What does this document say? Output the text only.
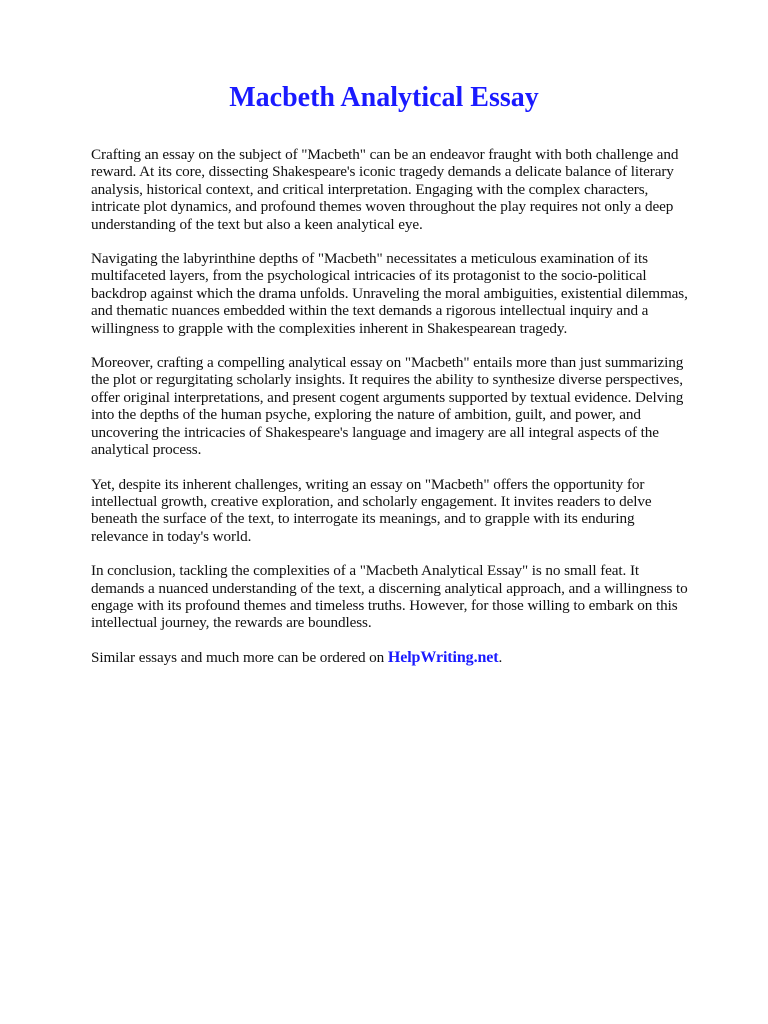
Macbeth Analytical Essay

Crafting an essay on the subject of "Macbeth" can be an endeavor fraught with both challenge and reward. At its core, dissecting Shakespeare's iconic tragedy demands a delicate balance of literary analysis, historical context, and critical interpretation. Engaging with the complex characters, intricate plot dynamics, and profound themes woven throughout the play requires not only a deep understanding of the text but also a keen analytical eye.

Navigating the labyrinthine depths of "Macbeth" necessitates a meticulous examination of its multifaceted layers, from the psychological intricacies of its protagonist to the socio-political backdrop against which the drama unfolds. Unraveling the moral ambiguities, existential dilemmas, and thematic nuances embedded within the text demands a rigorous intellectual inquiry and a willingness to grapple with the complexities inherent in Shakespearean tragedy.

Moreover, crafting a compelling analytical essay on "Macbeth" entails more than just summarizing the plot or regurgitating scholarly insights. It requires the ability to synthesize diverse perspectives, offer original interpretations, and present cogent arguments supported by textual evidence. Delving into the depths of the human psyche, exploring the nature of ambition, guilt, and power, and uncovering the intricacies of Shakespeare's language and imagery are all integral aspects of the analytical process.

Yet, despite its inherent challenges, writing an essay on "Macbeth" offers the opportunity for intellectual growth, creative exploration, and scholarly engagement. It invites readers to delve beneath the surface of the text, to interrogate its meanings, and to grapple with its enduring relevance in today's world.

In conclusion, tackling the complexities of a "Macbeth Analytical Essay" is no small feat. It demands a nuanced understanding of the text, a discerning analytical approach, and a willingness to engage with its profound themes and timeless truths. However, for those willing to embark on this intellectual journey, the rewards are boundless.

Similar essays and much more can be ordered on HelpWriting.net.
